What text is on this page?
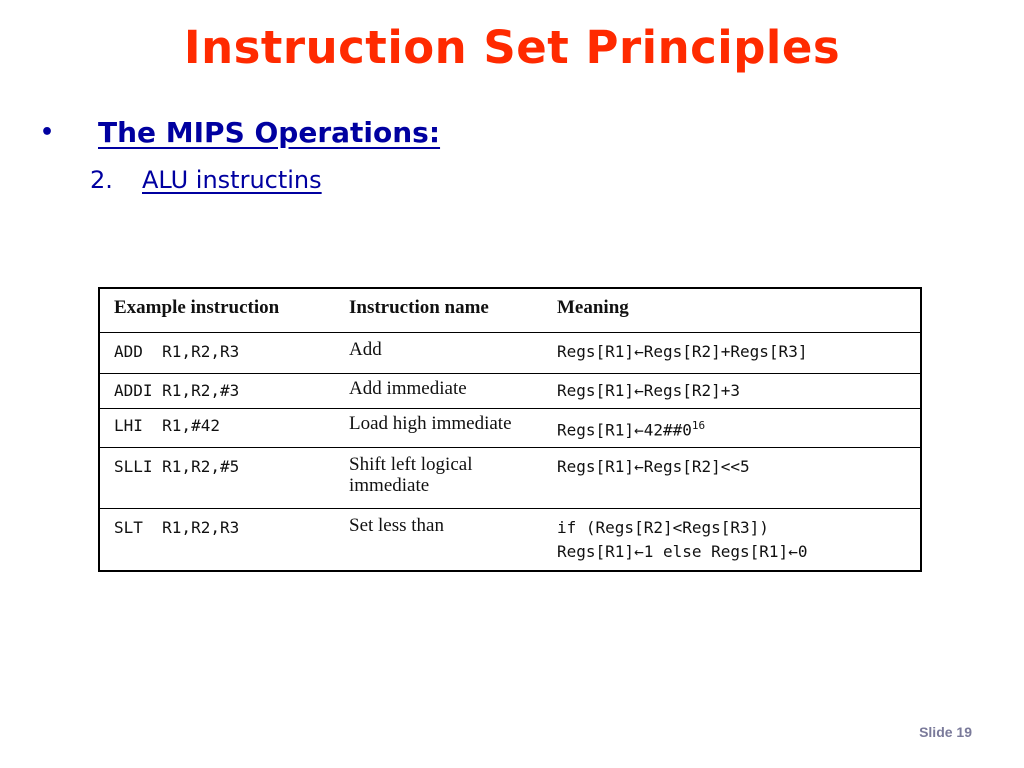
Instruction Set Principles
• The MIPS Operations:
2. ALU instructins
Example instruction	Instruction name	Meaning

ADD  R1,R2,R3	Add	Regs[R1]←Regs[R2]+Regs[R3]

ADDI R1,R2,#3	Add immediate	Regs[R1]←Regs[R2]+3

LHI  R1,#42	Load high immediate	$Regs[R1]\leftarrow 42\#\#0^{16}$

SLLI R1,R2,#5	Shift left logical
immediate	Regs[R1]←Regs[R2]<<5

SLT  R1,R2,R3	Set less than	if (Regs[R2]<Regs[R3])
Regs[R1]←1 else Regs[R1]←0
Slide 19
